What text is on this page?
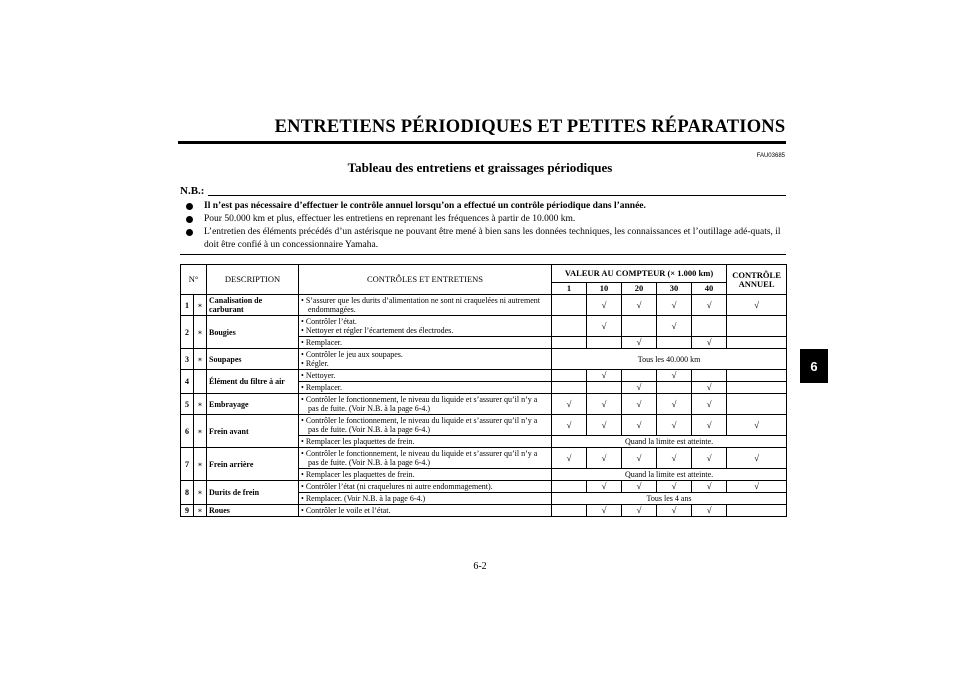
ENTRETIENS PÉRIODIQUES ET PETITES RÉPARATIONS
FAU03685
Tableau des entretiens et graissages périodiques
N.B.:
Il n’est pas nécessaire d’effectuer le contrôle annuel lorsqu’on a effectué un contrôle périodique dans l’année.
Pour 50.000 km et plus, effectuer les entretiens en reprenant les fréquences à partir de 10.000 km.
L’entretien des éléments précédés d’un astérisque ne pouvant être mené à bien sans les données techniques, les connaissances et l’outillage adé-quats, il doit être confié à un concessionnaire Yamaha.
N°		DESCRIPTION	CONTRÔLES ET ENTRETIENS	VALEUR AU COMPTEUR (× 1.000 km)					CONTRÔLE ANNUEL
				1	10	20	30	40	
1	∗	Canalisation de carburant	• S’assurer que les durits d’alimentation ne sont ni craquelées ni autrement endommagées.		√	√	√	√	√
2	∗	Bougies	• Contrôler l’état.
• Nettoyer et régler l’écartement des électrodes.		√		√		

			• Remplacer.			√		√	
3	∗	Soupapes	• Contrôler le jeu aux soupapes.
• Régler.	Tous les 40.000 km					
4		Élément du filtre à air	• Nettoyer.		√		√		

			• Remplacer.			√		√	
5	∗	Embrayage	• Contrôler le fonctionnement, le niveau du liquide et s’assurer qu’il n’y a pas de fuite. (Voir N.B. à la page 6-4.)	√	√	√	√	√	
6	∗	Frein avant	• Contrôler le fonctionnement, le niveau du liquide et s’assurer qu’il n’y a pas de fuite. (Voir N.B. à la page 6-4.)	√	√	√	√	√	√

			• Remplacer les plaquettes de frein.	Quand la limite est atteinte.					
7	∗	Frein arrière	• Contrôler le fonctionnement, le niveau du liquide et s’assurer qu’il n’y a pas de fuite. (Voir N.B. à la page 6-4.)	√	√	√	√	√	√

			• Remplacer les plaquettes de frein.	Quand la limite est atteinte.					
8	∗	Durits de frein	• Contrôler l’état (ni craquelures ni autre endommagement).		√	√	√	√	√

			• Remplacer. (Voir N.B. à la page 6-4.)	Tous les 4 ans					
9	∗	Roues	• Contrôler le voile et l’état.		√	√	√	√	
6
6-2
